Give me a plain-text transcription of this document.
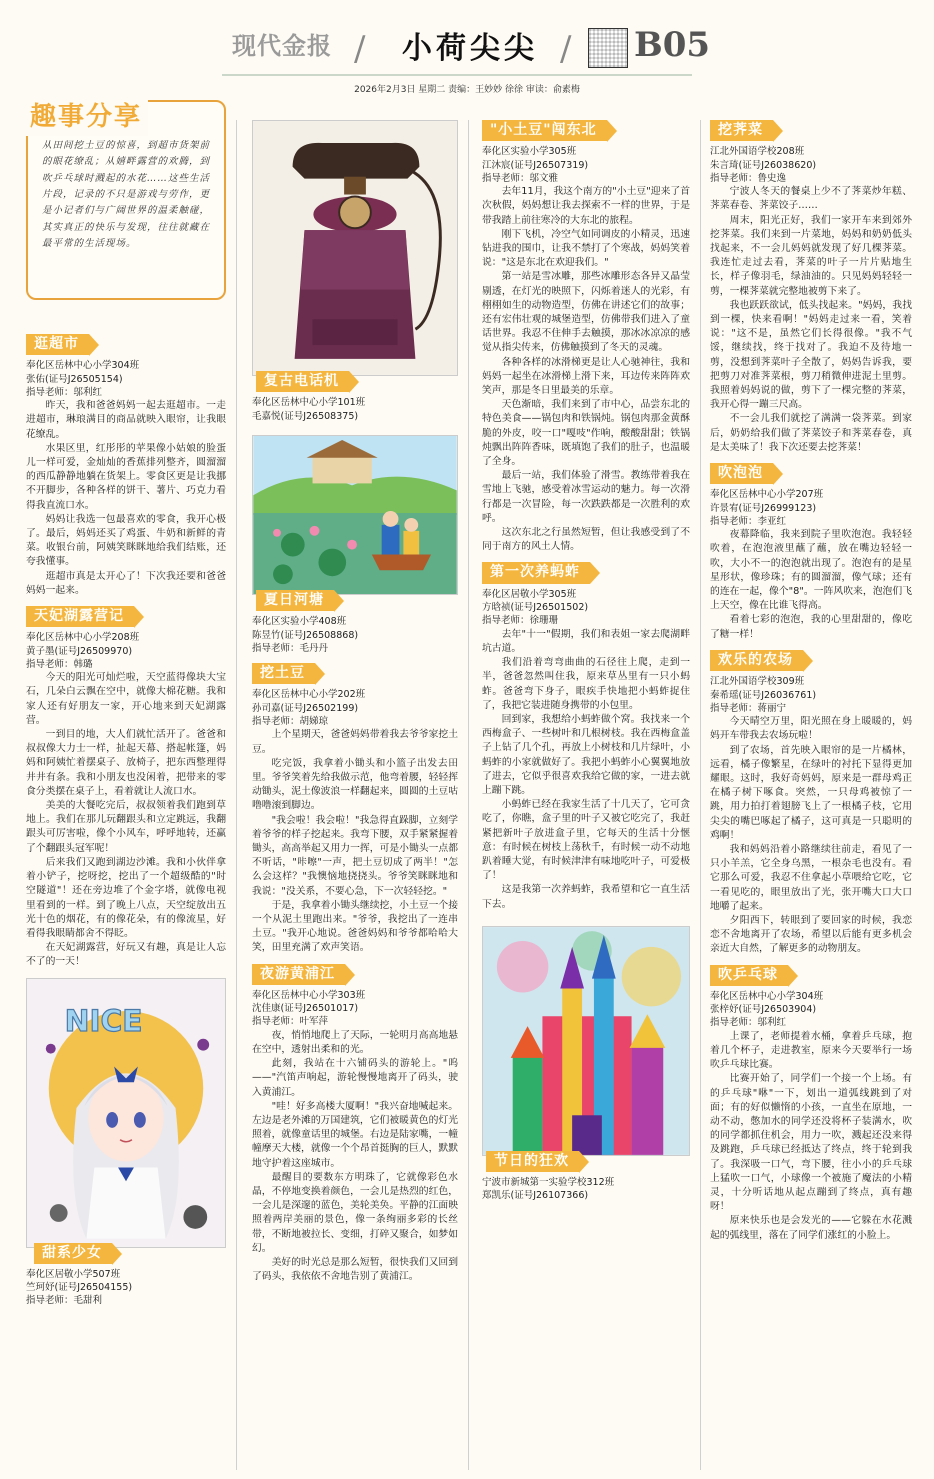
现代金报 / 小荷尖尖 / B05
2026年2月3日 星期二 责编：王妙妙 徐徐 审读：俞素梅
趣事分享
从田间挖土豆的惊喜，到超市货架前的眼花缭乱；从嬉畔露营的欢腾，到吹乒乓球时溅起的水花……这些生活片段，记录的不只是游戏与劳作，更是小记者们与广阔世界的温柔触碰，其实真正的快乐与发现，往往就藏在最平常的生活现场。
逛超市
奉化区岳林中心小学304班
张佑(证号J26505154)
指导老师：邬利红

昨天，我和爸爸妈妈一起去逛超市。一走进超市，琳琅满目的商品就映入眼帘，让我眼花缭乱。

水果区里，红彤彤的苹果像小姑娘的脸蛋儿一样可爱，金灿灿的香蕉排列整齐，圆溜溜的西瓜静静地躺在货架上。零食区更是让我挪不开脚步，各种各样的饼干、薯片、巧克力看得我直流口水。

妈妈让我选一包最喜欢的零食，我开心极了。最后，妈妈还买了鸡蛋、牛奶和新鲜的青菜。收银台前，阿姨笑眯眯地给我们结账，还夸我懂事。

逛超市真是太开心了！下次我还要和爸爸妈妈一起来。

天妃湖露营记
奉化区岳林中心小学208班
黄子墨(证号J26509970)
指导老师：韩璐

今天的阳光可灿烂啦，天空蓝得像块大宝石，几朵白云飘在空中，就像大棉花糖。我和家人还有好朋友一家，开心地来到天妃湖露营。

一到目的地，大人们就忙活开了。爸爸和叔叔像大力士一样，扯起天幕、搭起帐篷，妈妈和阿姨忙着摆桌子、放椅子，把东西整理得井井有条。我和小朋友也没闲着，把带来的零食分类摆在桌子上，看着就让人流口水。

美美的大餐吃完后，叔叔领着我们跑到草地上。我们在那儿玩翻跟头和立定跳远，我翻跟头可厉害啦，像个小风车，呼呼地转，还赢了个翻跟头冠军呢！

后来我们又跑到湖边沙滩。我和小伙伴拿着小铲子，挖呀挖，挖出了一个超级酷的"时空隧道"！还在旁边堆了个金字塔，就像电视里看到的一样。到了晚上八点，天空绽放出五光十色的烟花，有的像花朵，有的像流星，好看得我眼睛都舍不得眨。

在天妃湖露营，好玩又有趣，真是让人忘不了的一天！

NICE
甜系少女
奉化区居敬小学507班
竺珂妤(证号J26504155)
指导老师：毛甜利
复古电话机
奉化区岳林中心小学101班
毛嘉悦(证号J26508375)
夏日河塘
奉化区实验小学408班
陈昱竹(证号J26508868)
指导老师：毛丹丹
挖土豆
奉化区岳林中心小学202班
孙司嘉(证号J26502199)
指导老师：胡娣琼

上个星期天，爸爸妈妈带着我去爷爷家挖土豆。

吃完饭，我拿着小锄头和小篮子出发去田里。爷爷笑着先给我做示范，他弯着腰，轻轻挥动锄头，泥土像波浪一样翻起来，圆圆的土豆咕噜噜滚到脚边。

"我会啦！我会啦！"我急得直跺脚，立刻学着爷爷的样子挖起来。我弯下腰，双手紧紧握着锄头，高高举起又用力一挥，可是小锄头一点都不听话，"咔嚓"一声，把土豆切成了两半！"怎么会这样？"我懊恼地挠挠头。爷爷笑眯眯地和我说："没关系，不要心急，下一次轻轻挖。"

于是，我拿着小锄头继续挖，小土豆一个接一个从泥土里跑出来。"爷爷，我挖出了一连串土豆。"我开心地说。爸爸妈妈和爷爷都哈哈大笑，田里充满了欢声笑语。

夜游黄浦江
奉化区岳林中心小学303班
沈佳康(证号J26501017)
指导老师：叶军萍

夜，悄悄地爬上了天际，一轮明月高高地悬在空中，透射出柔和的光。

此刻，我站在十六铺码头的游轮上。"呜——"汽笛声响起，游轮慢慢地离开了码头，驶入黄浦江。

"哇！好多高楼大厦啊！"我兴奋地喊起来。左边是老外滩的万国建筑，它们被暖黄色的灯光照着，就像童话里的城堡。右边是陆家嘴，一幢幢摩天大楼，就像一个个昂首挺胸的巨人，默默地守护着这座城市。

最醒目的要数东方明珠了，它就像彩色水晶，不停地变换着颜色，一会儿是热烈的红色，一会儿是深邃的蓝色，美轮美奂。平静的江面映照着两岸美丽的景色，像一条绚丽多彩的长丝带，不断地被拉长、变细，打碎又聚合，如梦如幻。

美好的时光总是那么短暂，很快我们又回到了码头，我依依不舍地告别了黄浦江。

"小土豆"闯东北
奉化区实验小学305班
江沐宸(证号J26507319)
指导老师：邬文雅

去年11月，我这个南方的"小土豆"迎来了首次秋假，妈妈想让我去探索不一样的世界，于是带我踏上前往寒冷的大东北的旅程。

刚下飞机，冷空气如同调皮的小精灵，迅速钻进我的围巾，让我不禁打了个寒战，妈妈笑着说："这是东北在欢迎我们。"

第一站是雪冰雕，那些冰雕形态各异又晶莹剔透，在灯光的映照下，闪烁着迷人的光彩，有栩栩如生的动物造型，仿佛在讲述它们的故事；还有宏伟壮观的城堡造型，仿佛带我们进入了童话世界。我忍不住伸手去触摸，那冰冰凉凉的感觉从指尖传来，仿佛触摸到了冬天的灵魂。

各种各样的冰滑梯更是让人心驰神往，我和妈妈一起坐在冰滑梯上滑下来，耳边传来阵阵欢笑声，那是冬日里最美的乐章。

天色渐暗，我们来到了市中心，品尝东北的特色美食——锅包肉和铁锅炖。锅包肉那金黄酥脆的外皮，咬一口"嘎吱"作响，酸酸甜甜；铁锅炖飘出阵阵香味，既填饱了我们的肚子，也温暖了全身。

最后一站，我们体验了滑雪。教练带着我在雪地上飞驰，感受着冰雪运动的魅力。每一次滑行都是一次冒险，每一次跌跌都是一次胜利的欢呼。

这次东北之行虽然短暂，但让我感受到了不同于南方的风土人情。

第一次养蚂蚱
奉化区居敬小学305班
方晗祯(证号J26501502)
指导老师：徐珊珊

去年"十一"假期，我们和表姐一家去爬湖畔坑古道。

我们沿着弯弯曲曲的石径往上爬，走到一半，爸爸忽然叫住我，原来草丛里有一只小蚂蚱。爸爸弯下身子，眼疾手快地把小蚂蚱捉住了，我把它装进随身携带的小包里。

回到家，我想给小蚂蚱做个窝。我找来一个西梅盒子、一些树叶和几根树枝。我在西梅盒盖子上钻了几个孔，再放上小树枝和几片绿叶，小蚂蚱的小家就做好了。我把小蚂蚱小心翼翼地放了进去，它似乎很喜欢我给它做的家，一进去就上蹦下跳。

小蚂蚱已经在我家生活了十几天了，它可贪吃了，你瞧，盒子里的叶子又被它吃完了，我赶紧把新叶子放进盒子里，它每天的生活十分惬意：有时候在树枝上荡秋千，有时候一动不动地趴着睡大觉，有时候津津有味地吃叶子，可爱极了！

这是我第一次养蚂蚱，我希望和它一直生活下去。

节日的狂欢
宁波市新城第一实验学校312班
郑凯乐(证号J26107366)
挖荠菜
江北外国语学校208班
朱言琦(证号J26038620)
指导老师：鲁史逸

宁波人冬天的餐桌上少不了荠菜炒年糕、荠菜春卷、荠菜饺子……

周末，阳光正好，我们一家开车来到郊外挖荠菜。我们来到一片菜地，妈妈和奶奶低头找起来，不一会儿妈妈就发现了好几棵荠菜。我连忙走过去看，荠菜的叶子一片片贴地生长，样子像羽毛，绿油油的。只见妈妈轻轻一剪，一棵荠菜就完整地被剪下来了。

我也跃跃欲试，低头找起来。"妈妈，我找到一棵，快来看啊！"妈妈走过来一看，笑着说："这不是，虽然它们长得很像。"我不气馁，继续找，终于找对了。我迫不及待地一剪，没想到荠菜叶子全散了，妈妈告诉我，要把剪刀对准荠菜根，剪刀稍微伸进泥土里剪。我照着妈妈说的做，剪下了一棵完整的荠菜，我开心得一蹦三尺高。

不一会儿我们就挖了满满一袋荠菜。到家后，奶奶给我们做了荠菜饺子和荠菜春卷，真是太美味了！我下次还要去挖荠菜！

吹泡泡
奉化区岳林中心小学207班
许景宥(证号J26999123)
指导老师：李亚红

夜幕降临，我来到院子里吹泡泡。我轻轻吹着，在泡泡液里蘸了蘸，放在嘴边轻轻一吹，大小不一的泡泡就出现了。泡泡有的是星星形状，像珍珠；有的圆溜溜，像气球；还有的连在一起，像个"8"。一阵风吹来，泡泡们飞上天空，像在比谁飞得高。

看着七彩的泡泡，我的心里甜甜的，像吃了糖一样！

欢乐的农场
江北外国语学校309班
秦希瑶(证号J26036761)
指导老师：蒋丽宁

今天晴空万里，阳光照在身上暖暖的，妈妈开车带我去农场玩啦！

到了农场，首先映入眼帘的是一片橘林，远看，橘子像繁星，在绿叶的衬托下显得更加耀眼。这时，我好奇妈妈，原来是一群母鸡正在橘子树下啄食。突然，一只母鸡被惊了一跳，用力拍打着翅膀飞上了一根橘子枝，它用尖尖的嘴巴啄起了橘子，这可真是一只聪明的鸡啊！

我和妈妈沿着小路继续往前走，看见了一只小羊羔，它全身乌黑，一根杂毛也没有。看它那么可爱，我忍不住拿起小草喂给它吃，它一看见吃的，眼里放出了光，张开嘴大口大口地嚼了起来。

夕阳西下，转眼到了要回家的时候，我恋恋不舍地离开了农场，希望以后能有更多机会亲近大自然，了解更多的动物朋友。

吹乒乓球
奉化区岳林中心小学304班
张梓妤(证号J26503904)
指导老师：邬利红

上课了，老师提着水桶，拿着乒乓球，抱着几个杯子，走进教室，原来今天要举行一场吹乒乓球比赛。

比赛开始了，同学们一个接一个上场。有的乒乓球"咻"一下，划出一道弧线跳到了对面；有的好似懒惰的小孩，一直坐在原地，一动不动，憋加水的同学还没将杯子装满水，吹的同学都抓住机会，用力一吹，溅起还没来得及跳跑，乒乓球已经抵达了终点，终于轮到我了。我深吸一口气，弯下腰，往小小的乒乓球上猛吹一口气，小球像一个被施了魔法的小精灵，十分听话地从起点蹦到了终点，真有趣呀！

原来快乐也是会发光的——它躲在水花溅起的弧线里，落在了同学们涨红的小脸上。
